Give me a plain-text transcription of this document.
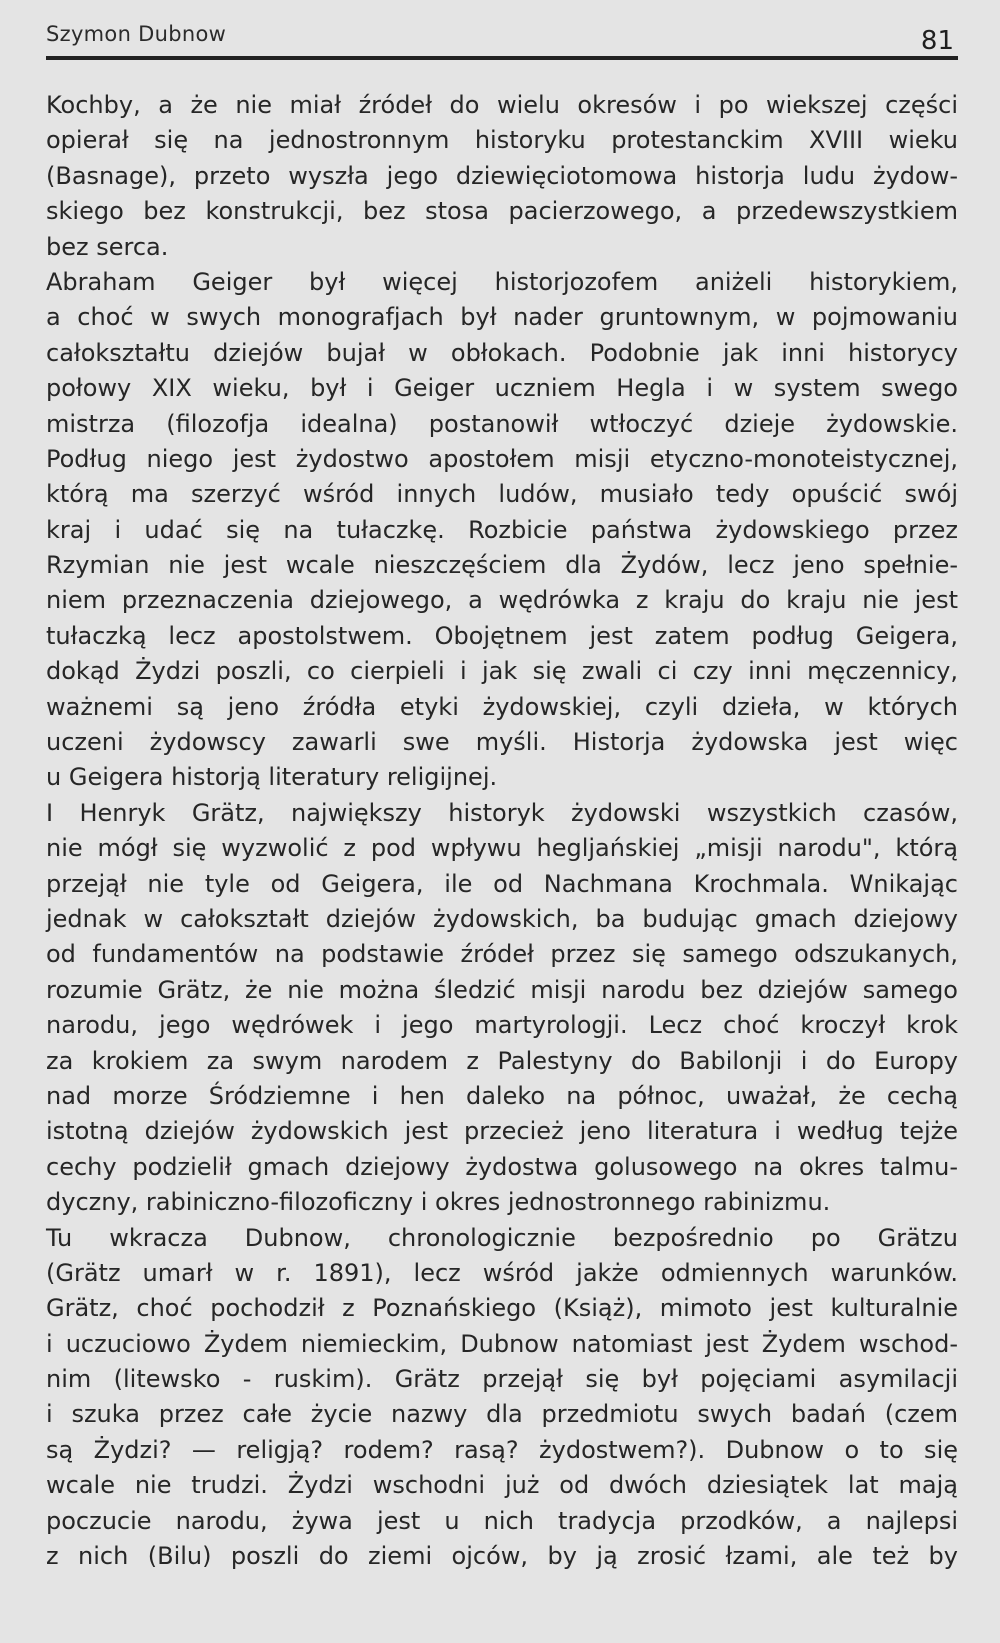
Szymon Dubnow	81
Kochby, a że nie miał źródeł do wielu okresów i po wiekszej części
opierał się na jednostronnym historyku protestanckim XVIII wieku
(Basnage), przeto wyszła jego dziewięciotomowa historja ludu żydow-
skiego bez konstrukcji, bez stosa pacierzowego, a przedewszystkiem
bez serca.
Abraham Geiger był więcej historjozofem aniżeli historykiem,
a choć w swych monografjach był nader gruntownym, w pojmowaniu
całokształtu dziejów bujał w obłokach. Podobnie jak inni historycy
połowy XIX wieku, był i Geiger uczniem Hegla i w system swego
mistrza (filozofja idealna) postanowił wtłoczyć dzieje żydowskie.
Podług niego jest żydostwo apostołem misji etyczno-monoteistycznej,
którą ma szerzyć wśród innych ludów, musiało tedy opuścić swój
kraj i udać się na tułaczkę. Rozbicie państwa żydowskiego przez
Rzymian nie jest wcale nieszczęściem dla Żydów, lecz jeno spełnie-
niem przeznaczenia dziejowego, a wędrówka z kraju do kraju nie jest
tułaczką lecz apostolstwem. Obojętnem jest zatem podług Geigera,
dokąd Żydzi poszli, co cierpieli i jak się zwali ci czy inni męczennicy,
ważnemi są jeno źródła etyki żydowskiej, czyli dzieła, w których
uczeni żydowscy zawarli swe myśli. Historja żydowska jest więc
u Geigera historją literatury religijnej.
I Henryk Grätz, największy historyk żydowski wszystkich czasów,
nie mógł się wyzwolić z pod wpływu hegljańskiej „misji narodu", którą
przejął nie tyle od Geigera, ile od Nachmana Krochmala. Wnikając
jednak w całokształt dziejów żydowskich, ba budując gmach dziejowy
od fundamentów na podstawie źródeł przez się samego odszukanych,
rozumie Grätz, że nie można śledzić misji narodu bez dziejów samego
narodu, jego wędrówek i jego martyrologji. Lecz choć kroczył krok
za krokiem za swym narodem z Palestyny do Babilonji i do Europy
nad morze Śródziemne i hen daleko na północ, uważał, że cechą
istotną dziejów żydowskich jest przecież jeno literatura i według tejże
cechy podzielił gmach dziejowy żydostwa golusowego na okres talmu-
dyczny, rabiniczno-filozoficzny i okres jednostronnego rabinizmu.
Tu wkracza Dubnow, chronologicznie bezpośrednio po Grätzu
(Grätz umarł w r. 1891), lecz wśród jakże odmiennych warunków.
Grätz, choć pochodził z Poznańskiego (Książ), mimoto jest kulturalnie
i uczuciowo Żydem niemieckim, Dubnow natomiast jest Żydem wschod-
nim (litewsko - ruskim). Grätz przejął się był pojęciami asymilacji
i szuka przez całe życie nazwy dla przedmiotu swych badań (czem
są Żydzi? — religją? rodem? rasą? żydostwem?). Dubnow o to się
wcale nie trudzi. Żydzi wschodni już od dwóch dziesiątek lat mają
poczucie narodu, żywa jest u nich tradycja przodków, a najlepsi
z nich (Bilu) poszli do ziemi ojców, by ją zrosić łzami, ale też by
